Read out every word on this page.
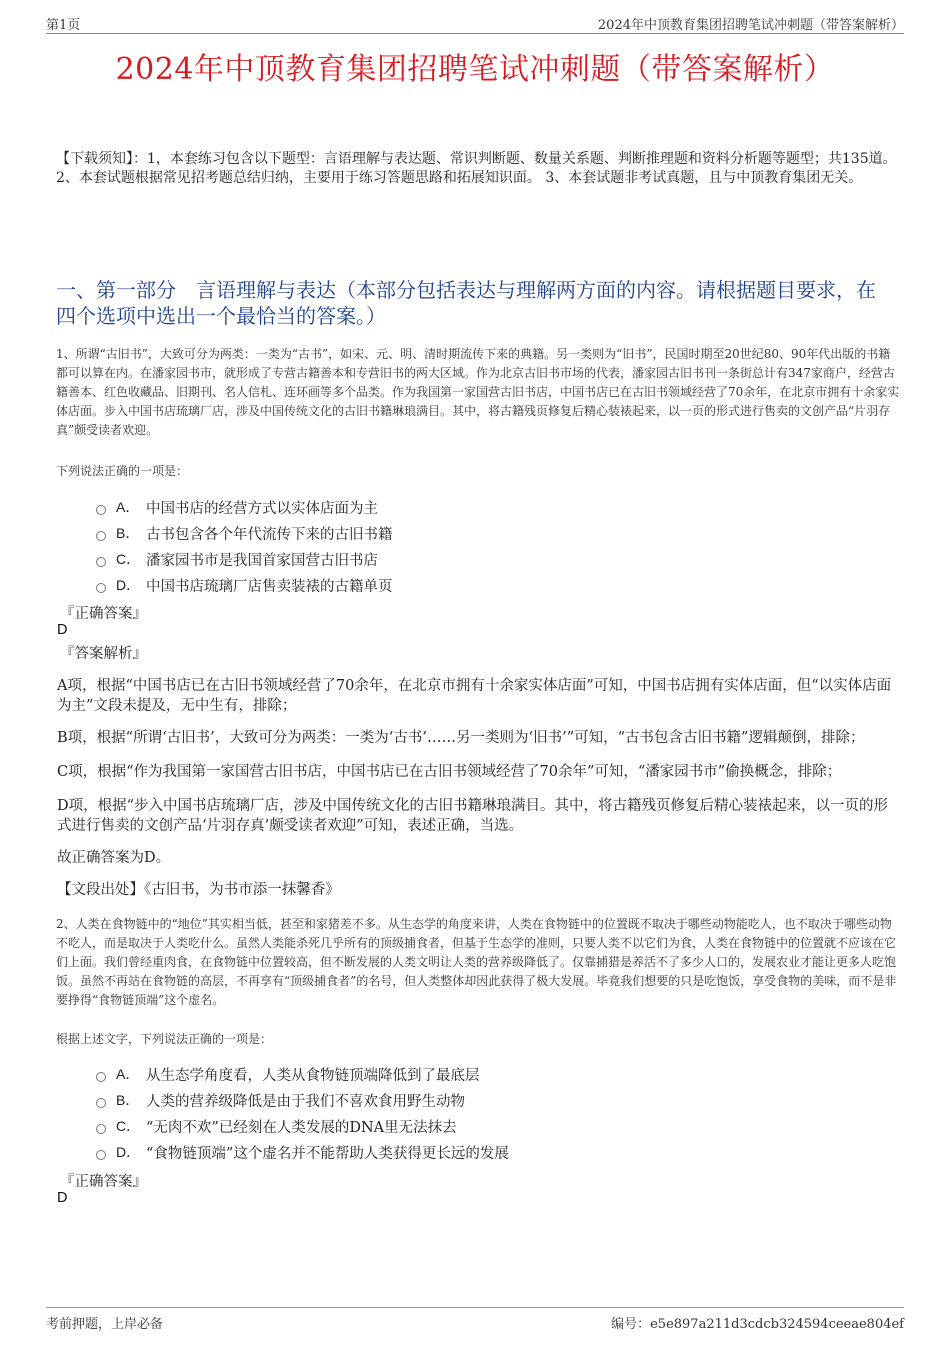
第1页	2024年中顶教育集团招聘笔试冲刺题（带答案解析）
2024年中顶教育集团招聘笔试冲刺题（带答案解析）
【下载须知】：1，本套练习包含以下题型：言语理解与表达题、常识判断题、数量关系题、判断推理题和资料分析题等题型；共135道。 2、本套试题根据常见招考题总结归纳，主要用于练习答题思路和拓展知识面。 3、本套试题非考试真题，且与中顶教育集团无关。
一、第一部分　言语理解与表达（本部分包括表达与理解两方面的内容。请根据题目要求，在四个选项中选出一个最恰当的答案。）
1、所谓“古旧书”，大致可分为两类：一类为“古书”，如宋、元、明、清时期流传下来的典籍。另一类则为“旧书”，民国时期至20世纪80、90年代出版的书籍都可以算在内。在潘家园书市，就形成了专营古籍善本和专营旧书的两大区域。作为北京古旧书市场的代表，潘家园古旧书刊一条街总计有347家商户，经营古籍善本、红色收藏品、旧期刊、名人信札、连环画等多个品类。作为我国第一家国营古旧书店，中国书店已在古旧书领域经营了70余年，在北京市拥有十余家实体店面。步入中国书店琉璃厂店，涉及中国传统文化的古旧书籍琳琅满目。其中，将古籍残页修复后精心装裱起来，以一页的形式进行售卖的文创产品“片羽存真”颇受读者欢迎。
下列说法正确的一项是：
A． 中国书店的经营方式以实体店面为主
B． 古书包含各个年代流传下来的古旧书籍
C． 潘家园书市是我国首家国营古旧书店
D． 中国书店琉璃厂店售卖装裱的古籍单页
『正确答案』
D
『答案解析』
A项，根据“中国书店已在古旧书领域经营了70余年，在北京市拥有十余家实体店面”可知，中国书店拥有实体店面，但“以实体店面为主”文段未提及，无中生有，排除；
B项，根据“所谓‘古旧书’，大致可分为两类：一类为‘古书’……另一类则为‘旧书’”可知，“古书包含古旧书籍”逻辑颠倒，排除；
C项，根据“作为我国第一家国营古旧书店，中国书店已在古旧书领域经营了70余年”可知，“潘家园书市”偷换概念，排除；
D项，根据“步入中国书店琉璃厂店，涉及中国传统文化的古旧书籍琳琅满目。其中，将古籍残页修复后精心装裱起来，以一页的形式进行售卖的文创产品‘片羽存真’颇受读者欢迎”可知，表述正确，当选。
故正确答案为D。
【文段出处】《古旧书，为书市添一抹馨香》
2、人类在食物链中的“地位”其实相当低，甚至和家猪差不多。从生态学的角度来讲，人类在食物链中的位置既不取决于哪些动物能吃人，也不取决于哪些动物不吃人，而是取决于人类吃什么。虽然人类能杀死几乎所有的顶级捕食者，但基于生态学的准则，只要人类不以它们为食，人类在食物链中的位置就不应该在它们上面。我们曾经重肉食，在食物链中位置较高，但不断发展的人类文明让人类的营养级降低了。仅靠捕猎是养活不了多少人口的，发展农业才能让更多人吃饱饭。虽然不再站在食物链的高层，不再享有“顶级捕食者”的名号，但人类整体却因此获得了极大发展。毕竟我们想要的只是吃饱饭，享受食物的美味，而不是非要挣得“食物链顶端”这个虚名。
根据上述文字，下列说法正确的一项是：
A． 从生态学角度看，人类从食物链顶端降低到了最底层
B． 人类的营养级降低是由于我们不喜欢食用野生动物
C． “无肉不欢”已经刻在人类发展的DNA里无法抹去
D． “食物链顶端”这个虚名并不能帮助人类获得更长远的发展
『正确答案』
D
考前押题，上岸必备	编号：e5e897a211d3cdcb324594ceeae804ef
